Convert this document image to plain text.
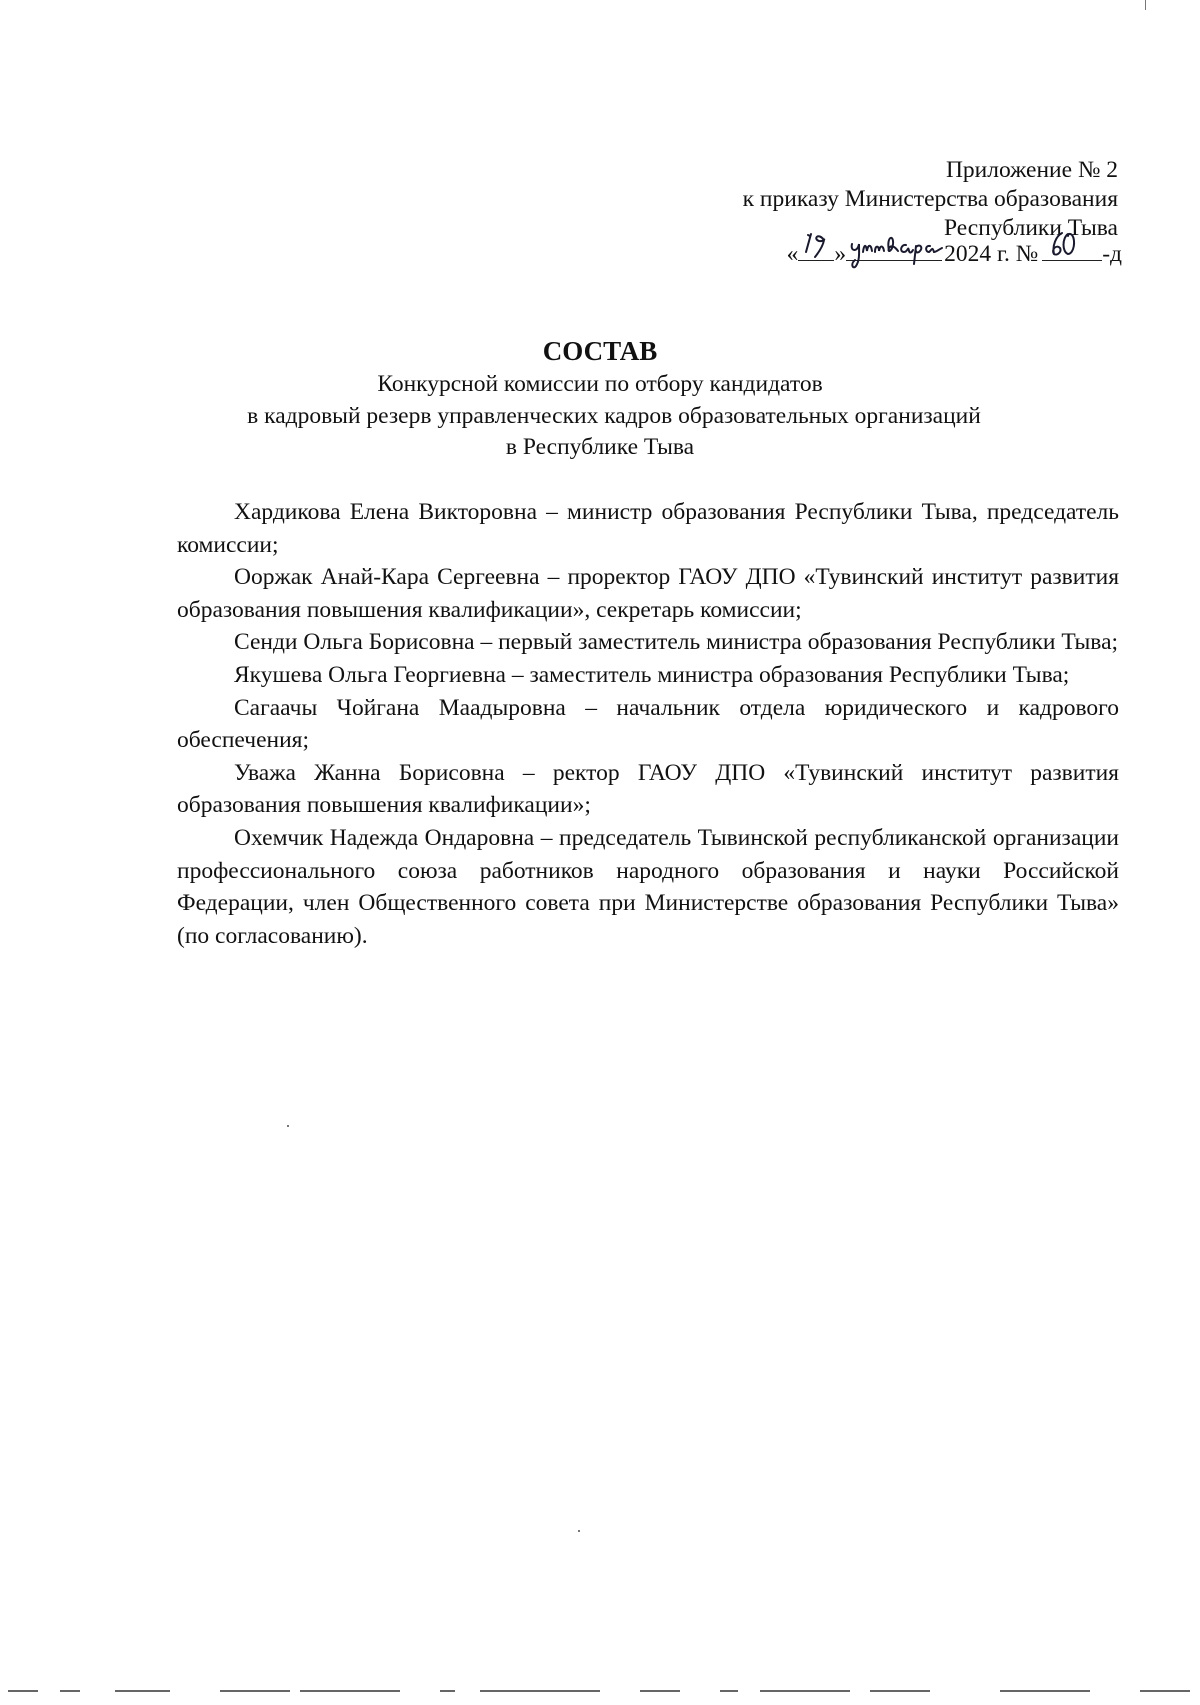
Приложение № 2
к приказу Министерства образования
Республики Тыва
« »	2024 г. №	-д
СОСТАВ
Конкурсной комиссии по отбору кандидатов
в кадровый резерв управленческих кадров образовательных организаций
в Республике Тыва

Хардикова Елена Викторовна – министр образования Республики Тыва, председатель комиссии;

Ооржак Анай-Кара Сергеевна – проректор ГАОУ ДПО «Тувинский институт развития образования повышения квалификации», секретарь комиссии;

Сенди Ольга Борисовна – первый заместитель министра образования Республики Тыва;

Якушева Ольга Георгиевна – заместитель министра образования Республики Тыва;

Сагаачы Чойгана Маадыровна – начальник отдела юридического и кадрового обеспечения;

Уважа Жанна Борисовна – ректор ГАОУ ДПО «Тувинский институт развития образования повышения квалификации»;

Охемчик Надежда Ондаровна – председатель Тывинской республиканской организации профессионального союза работников народного образования и науки Российской Федерации, член Общественного совета при Министерстве образования Республики Тыва» (по согласованию).
